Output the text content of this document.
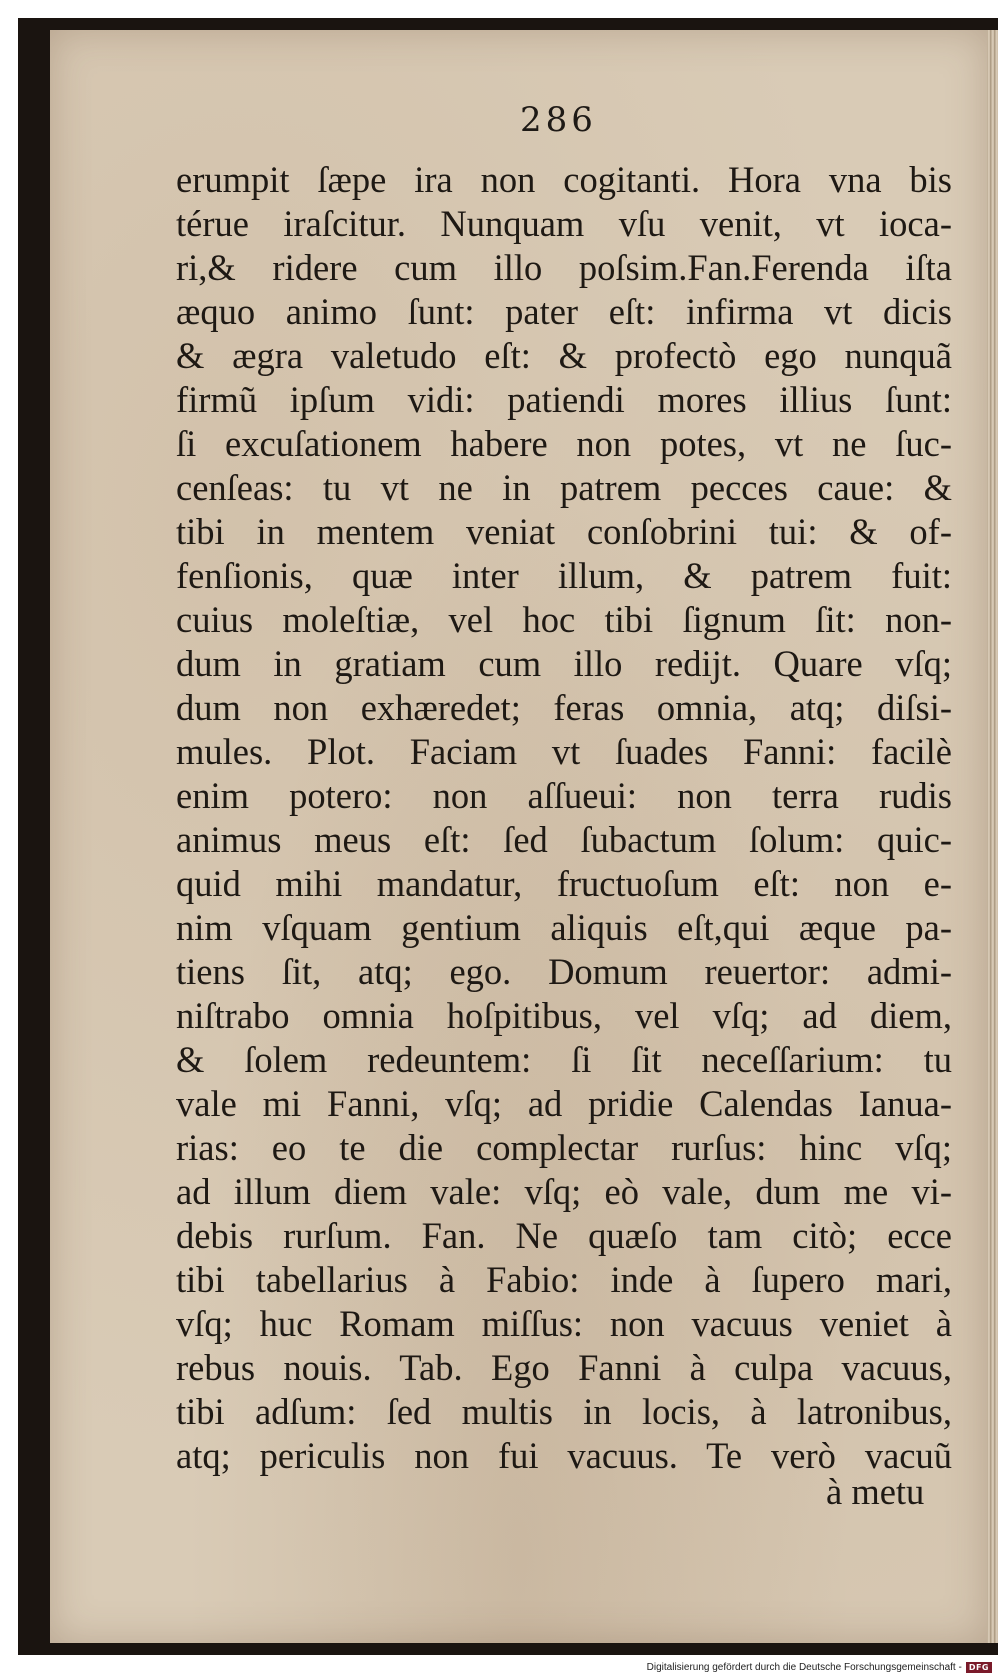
286
erumpit ſæpe ira non cogitanti. Hora vna bis
térue iraſcitur. Nunquam vſu venit, vt ioca-
ri,& ridere cum illo poſsim.Fan.Ferenda iſta
æquo animo ſunt: pater eſt: infirma vt dicis
& ægra valetudo eſt: & profectò ego nunquã
firmũ ipſum vidi: patiendi mores illius ſunt:
ſi excuſationem habere non potes, vt ne ſuc-
cenſeas: tu vt ne in patrem pecces caue: &
tibi in mentem veniat conſobrini tui: & of-
fenſionis, quæ inter illum, & patrem fuit:
cuius moleſtiæ, vel hoc tibi ſignum ſit: non-
dum in gratiam cum illo redijt. Quare vſq;
dum non exhæredet; feras omnia, atq; diſsi-
mules. Plot. Faciam vt ſuades Fanni: facilè
enim potero: non aſſueui: non terra rudis
animus meus eſt: ſed ſubactum ſolum: quic-
quid mihi mandatur, fructuoſum eſt: non e-
nim vſquam gentium aliquis eſt,qui æque pa-
tiens ſit, atq; ego. Domum reuertor: admi-
niſtrabo omnia hoſpitibus, vel vſq; ad diem,
& ſolem redeuntem: ſi ſit neceſſarium: tu
vale mi Fanni, vſq; ad pridie Calendas Ianua-
rias: eo te die complectar rurſus: hinc vſq;
ad illum diem vale: vſq; eò vale, dum me vi-
debis rurſum. Fan. Ne quæſo tam citò; ecce
tibi tabellarius à Fabio: inde à ſupero mari,
vſq; huc Romam miſſus: non vacuus veniet à
rebus nouis. Tab. Ego Fanni à culpa vacuus,
tibi adſum: ſed multis in locis, à latronibus,
atq; periculis non fui vacuus. Te verò vacuũ
à metu
Digitalisierung gefördert durch die Deutsche Forschungsgemeinschaft - DFG
